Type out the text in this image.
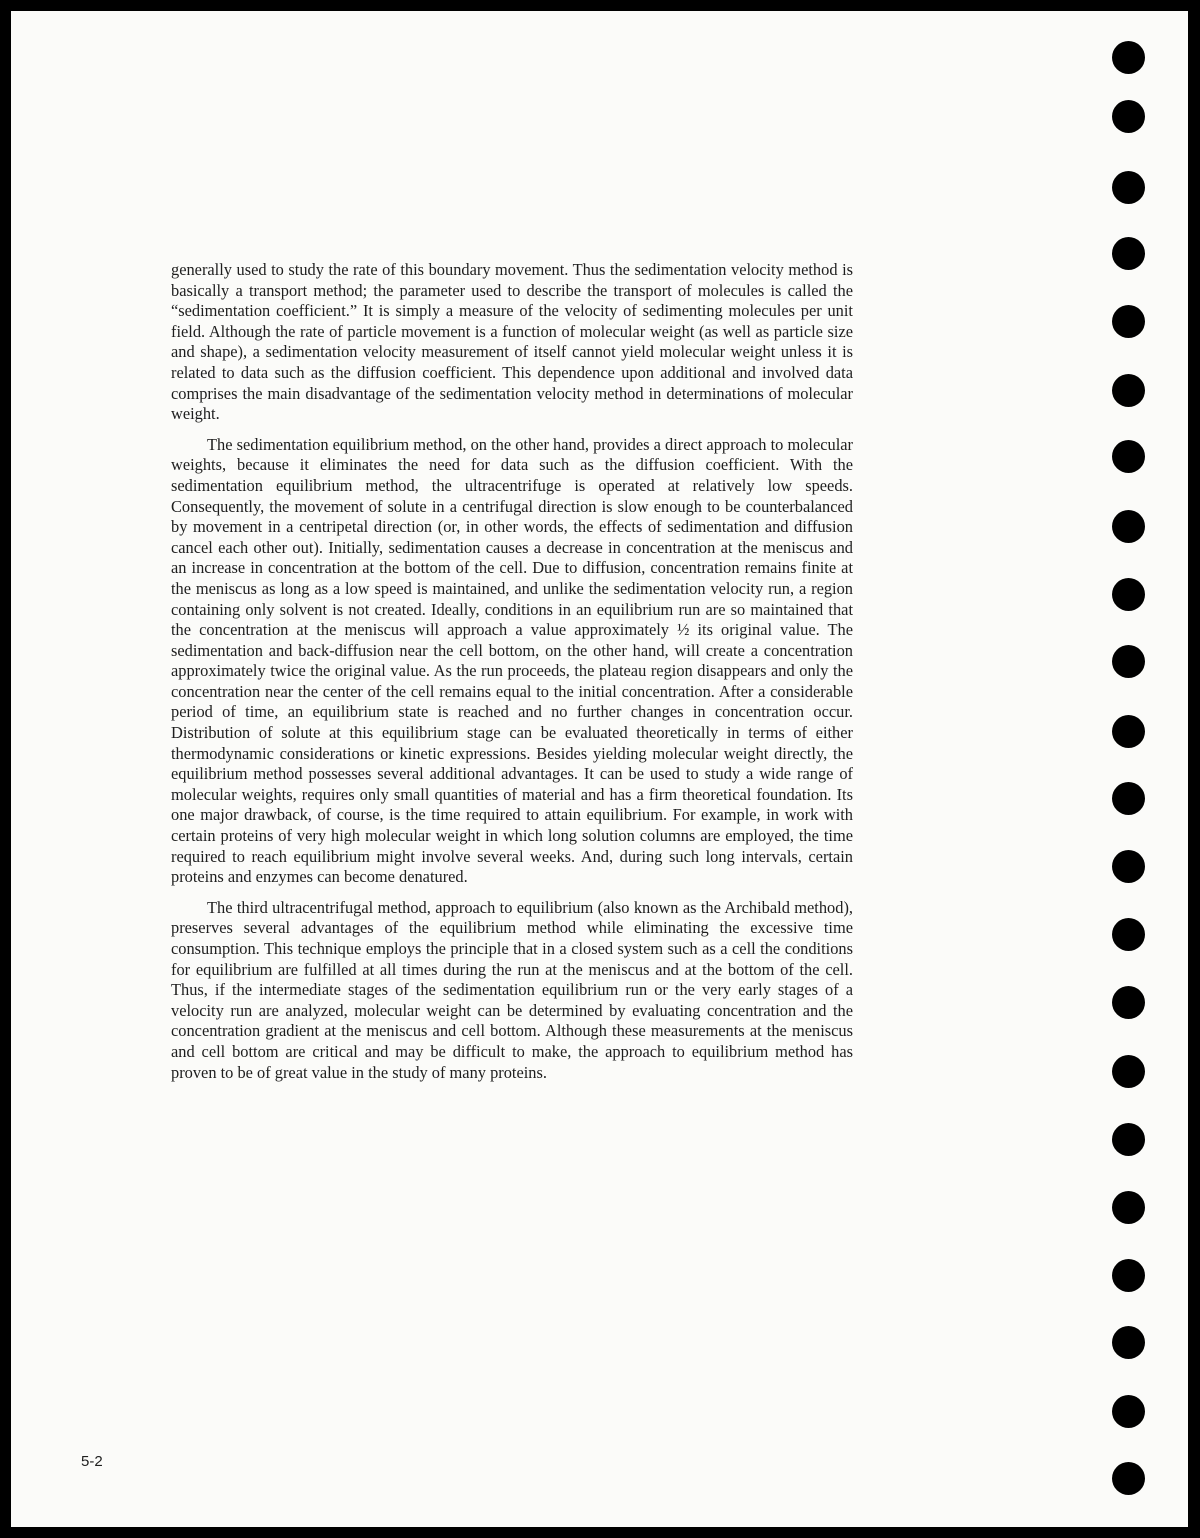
generally used to study the rate of this boundary movement. Thus the sedimentation velocity method is basically a transport method; the parameter used to describe the transport of molecules is called the “sedimentation coefficient.” It is simply a measure of the velocity of sedimenting molecules per unit field. Although the rate of particle movement is a function of molecular weight (as well as particle size and shape), a sedimentation velocity measurement of itself cannot yield molecular weight unless it is related to data such as the diffusion coefficient. This dependence upon additional and involved data comprises the main disadvantage of the sedimentation velocity method in determinations of molecular weight.

The sedimentation equilibrium method, on the other hand, provides a direct approach to molecular weights, because it eliminates the need for data such as the diffusion coefficient. With the sedimentation equilibrium method, the ultracentrifuge is operated at relatively low speeds. Consequently, the movement of solute in a centrifugal direction is slow enough to be counterbalanced by movement in a centripetal direction (or, in other words, the effects of sedimentation and diffusion cancel each other out). Initially, sedimentation causes a decrease in concentration at the meniscus and an increase in concentration at the bottom of the cell. Due to diffusion, concentration remains finite at the meniscus as long as a low speed is maintained, and unlike the sedimentation velocity run, a region containing only solvent is not created. Ideally, conditions in an equilibrium run are so maintained that the concentration at the meniscus will approach a value approximately ½ its original value. The sedimentation and back-diffusion near the cell bottom, on the other hand, will create a concentration approximately twice the original value. As the run proceeds, the plateau region disappears and only the concentration near the center of the cell remains equal to the initial concentration. After a considerable period of time, an equilibrium state is reached and no further changes in concentration occur. Distribution of solute at this equilibrium stage can be evaluated theoretically in terms of either thermodynamic considerations or kinetic expressions. Besides yielding molecular weight directly, the equilibrium method possesses several additional advantages. It can be used to study a wide range of molecular weights, requires only small quantities of material and has a firm theoretical foundation. Its one major drawback, of course, is the time required to attain equilibrium. For example, in work with certain proteins of very high molecular weight in which long solution columns are employed, the time required to reach equilibrium might involve several weeks. And, during such long intervals, certain proteins and enzymes can become denatured.

The third ultracentrifugal method, approach to equilibrium (also known as the Archibald method), preserves several advantages of the equilibrium method while eliminating the excessive time consumption. This technique employs the principle that in a closed system such as a cell the conditions for equilibrium are fulfilled at all times during the run at the meniscus and at the bottom of the cell. Thus, if the intermediate stages of the sedimentation equilibrium run or the very early stages of a velocity run are analyzed, molecular weight can be determined by evaluating concentration and the concentration gradient at the meniscus and cell bottom. Although these measurements at the meniscus and cell bottom are critical and may be difficult to make, the approach to equilibrium method has proven to be of great value in the study of many proteins.

5-2
